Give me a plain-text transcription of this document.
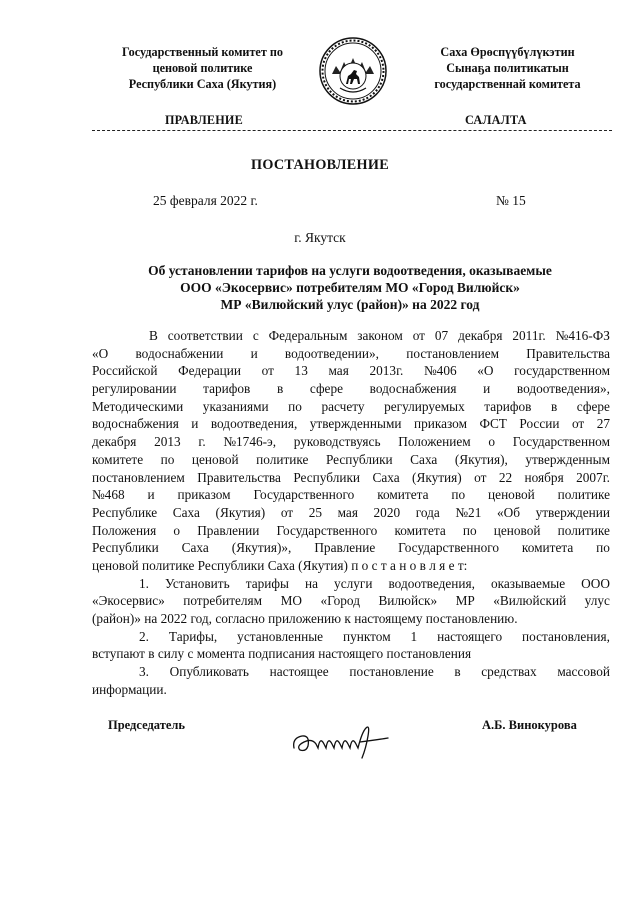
Государственный комитет по
ценовой политике
Республики Саха (Якутия)
Саха Өрөспүүбүлүкэтин
Сынаҕа политикатын
государственнай комитета
ПРАВЛЕНИЕ	САЛАЛТА
ПОСТАНОВЛЕНИЕ
25 февраля 2022 г.	№ 15
г. Якутск
Об установлении тарифов на услуги водоотведения, оказываемые
ООО «Экосервис» потребителям МО «Город Вилюйск»
МР «Вилюйский улус (район)» на 2022 год
В соответствии с Федеральным законом от 07 декабря 2011г. №416-ФЗ
«О водоснабжении и водоотведении», постановлением Правительства
Российской Федерации от 13 мая 2013г. №406 «О государственном
регулировании тарифов в сфере водоснабжения и водоотведения»,
Методическими указаниями по расчету регулируемых тарифов в сфере
водоснабжения и водоотведения, утвержденными приказом ФСТ России от 27
декабря 2013 г. №1746-э, руководствуясь Положением о Государственном
комитете по ценовой политике Республики Саха (Якутия), утвержденным
постановлением Правительства Республики Саха (Якутия) от 22 ноября 2007г.
№468 и приказом Государственного комитета по ценовой политике
Республике Саха (Якутия) от 25 мая 2020 года №21 «Об утверждении
Положения о Правлении Государственного комитета по ценовой политике
Республики Саха (Якутия)», Правление Государственного комитета по
ценовой политике Республики Саха (Якутия) п о с т а н о в л я е т:
1. Установить тарифы на услуги водоотведения, оказываемые ООО
«Экосервис» потребителям МО «Город Вилюйск» МР «Вилюйский улус
(район)» на 2022 год, согласно приложению к настоящему постановлению.
2. Тарифы, установленные пунктом 1 настоящего постановления,
вступают в силу с момента подписания настоящего постановления
3. Опубликовать настоящее постановление в средствах массовой
информации.
Председатель	А.Б. Винокурова
